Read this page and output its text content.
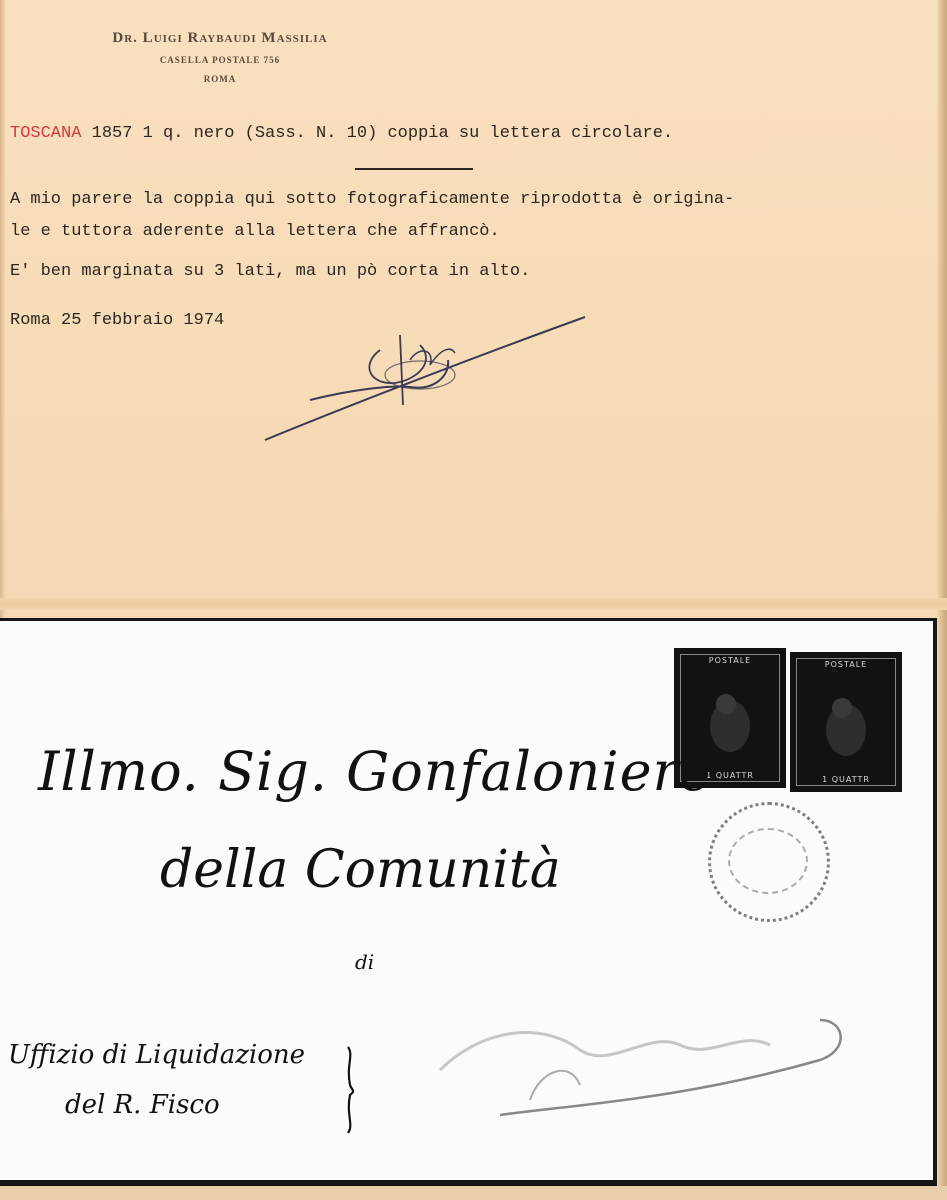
Dr. Luigi Raybaudi Massilia
CASELLA POSTALE 756
ROMA
TOSCANA 1857 1 q. nero (Sass. N. 10) coppia su lettera circolare.
A mio parere la coppia qui sotto fotograficamente riprodotta è origina-
le e tuttora aderente alla lettera che affrancò.
E' ben marginata su 3 lati, ma un pò corta in alto.
Roma 25 febbraio 1974
POSTALE
1 QUATTR
POSTALE
1 QUATTR
Illmo. Sig. Gonfaloniere
della Comunità
di
Uffizio di Liquidazione
del R. Fisco
